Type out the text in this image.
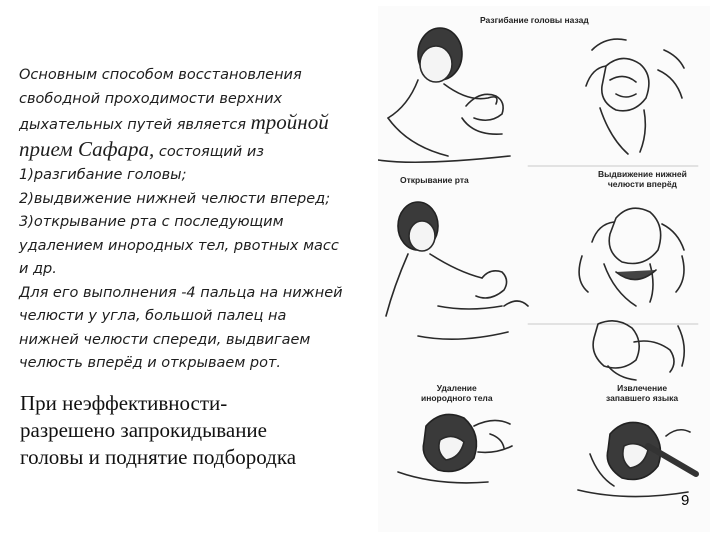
Основным способом восстановления
свободной проходимости верхних
дыхательных путей является тройной
прием Сафара, состоящий из
1)разгибание головы;
2)выдвижение нижней челюсти вперед;
3)открывание рта с последующим
удалением инородных тел, рвотных масс
и др.
Для его выполнения -4 пальца на нижней
челюсти у угла, большой палец на
нижней челюсти спереди, выдвигаем
челюсть вперёд и открываем рот.
При неэффективности-
разрешено запрокидывание
головы и поднятие подбородка
Разгибание головы назад
Открывание рта
Выдвижение нижней
челюсти вперёд
Удаление
инородного тела
Извлечение
запавшего языка
9
